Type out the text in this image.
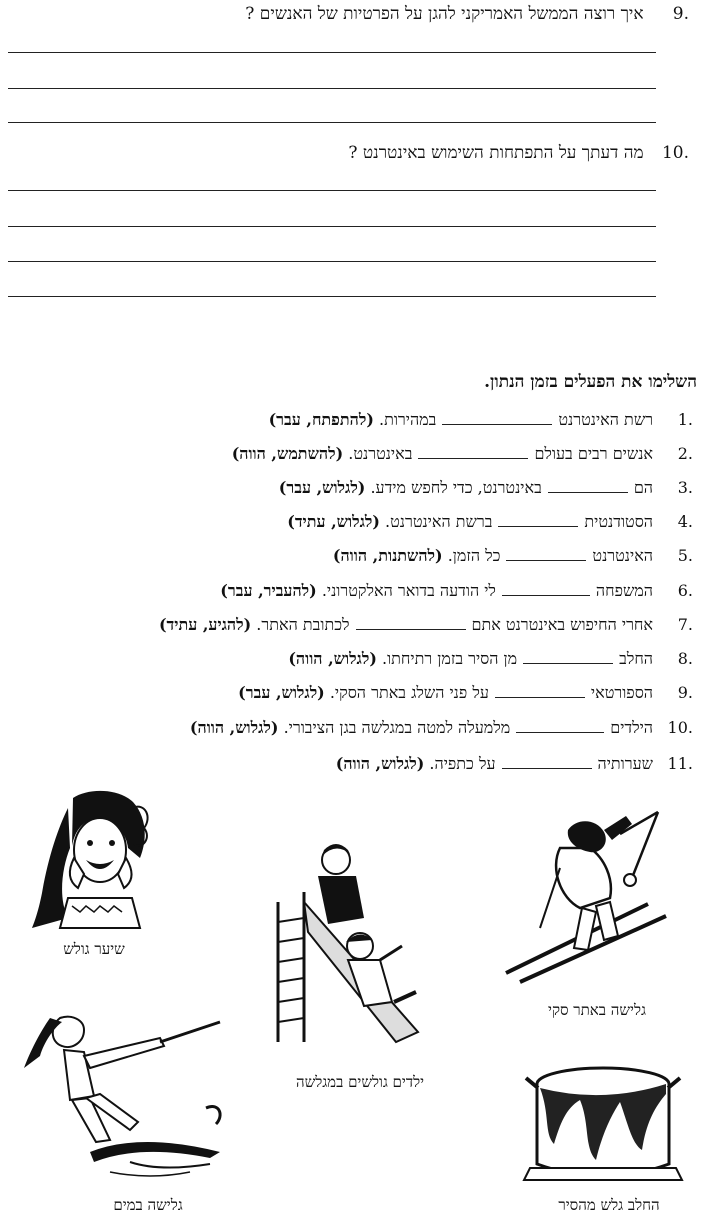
.9 איך רוצה הממשל האמריקני להגן על הפרטיות של האנשים ?
.10 מה דעתך על התפתחות השימוש באינטרנט ?
השלימו את הפעלים בזמן הנתון.
.1רשת האינטרנטבמהירות. (להתפתח, עבר)
.2אנשים רבים בעולםבאינטרנט. (להשתמש, הווה)
.3הםבאינטרנט, כדי לחפש מידע. (לגלוש, עבר)
.4הסטודנטיתברשת האינטרנט. (לגלוש, עתיד)
.5האינטרנטכל הזמן. (להשתנות, הווה)
.6המשפחהלי הודעה בדואר האלקטרוני. (להעביר, עבר)
.7אחרי החיפוש באינטרנט אתםלכתובת האתר. (להגיע, עתיד)
.8החלבמן הסיר בזמן רתיחתו. (לגלוש, הווה)
.9הספורטאיעל פני השלג באתר הסקי. (לגלוש, עבר)
.10הילדיםמלמעלה למטה במגלשה בגן הציבורי. (לגלוש, הווה)
.11שערותיהעל כתפיה. (לגלוש, הווה)
שיער גולש
ילדים גולשים במגלשה
גלישה באתר סקי
גלישה במים	החלב גלש מהסיר
